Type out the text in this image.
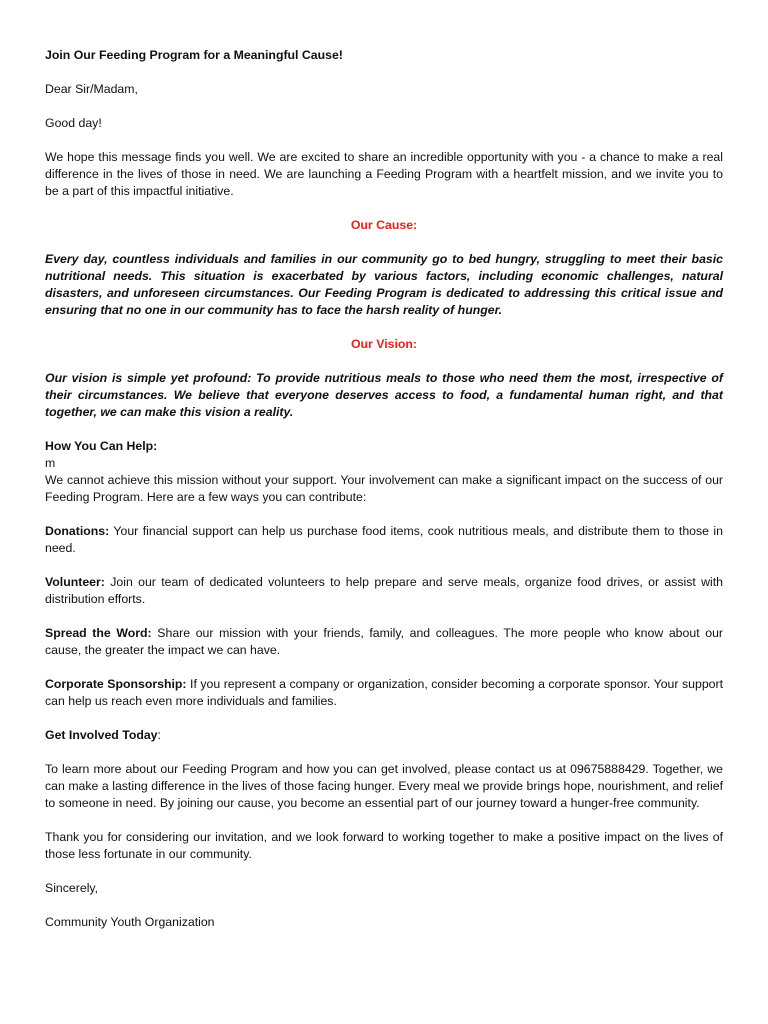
Join Our Feeding Program for a Meaningful Cause!

Dear Sir/Madam,

Good day!

We hope this message finds you well. We are excited to share an incredible opportunity with you - a chance to make a real difference in the lives of those in need. We are launching a Feeding Program with a heartfelt mission, and we invite you to be a part of this impactful initiative.

Our Cause:

Every day, countless individuals and families in our community go to bed hungry, struggling to meet their basic nutritional needs. This situation is exacerbated by various factors, including economic challenges, natural disasters, and unforeseen circumstances. Our Feeding Program is dedicated to addressing this critical issue and ensuring that no one in our community has to face the harsh reality of hunger.

Our Vision:

Our vision is simple yet profound: To provide nutritious meals to those who need them the most, irrespective of their circumstances. We believe that everyone deserves access to food, a fundamental human right, and that together, we can make this vision a reality.

How You Can Help:

m

We cannot achieve this mission without your support. Your involvement can make a significant impact on the success of our Feeding Program. Here are a few ways you can contribute:

Donations: Your financial support can help us purchase food items, cook nutritious meals, and distribute them to those in need.

Volunteer: Join our team of dedicated volunteers to help prepare and serve meals, organize food drives, or assist with distribution efforts.

Spread the Word: Share our mission with your friends, family, and colleagues. The more people who know about our cause, the greater the impact we can have.

Corporate Sponsorship: If you represent a company or organization, consider becoming a corporate sponsor. Your support can help us reach even more individuals and families.

Get Involved Today:

To learn more about our Feeding Program and how you can get involved, please contact us at 09675888429. Together, we can make a lasting difference in the lives of those facing hunger. Every meal we provide brings hope, nourishment, and relief to someone in need. By joining our cause, you become an essential part of our journey toward a hunger-free community.

Thank you for considering our invitation, and we look forward to working together to make a positive impact on the lives of those less fortunate in our community.

Sincerely,

Community Youth Organization
